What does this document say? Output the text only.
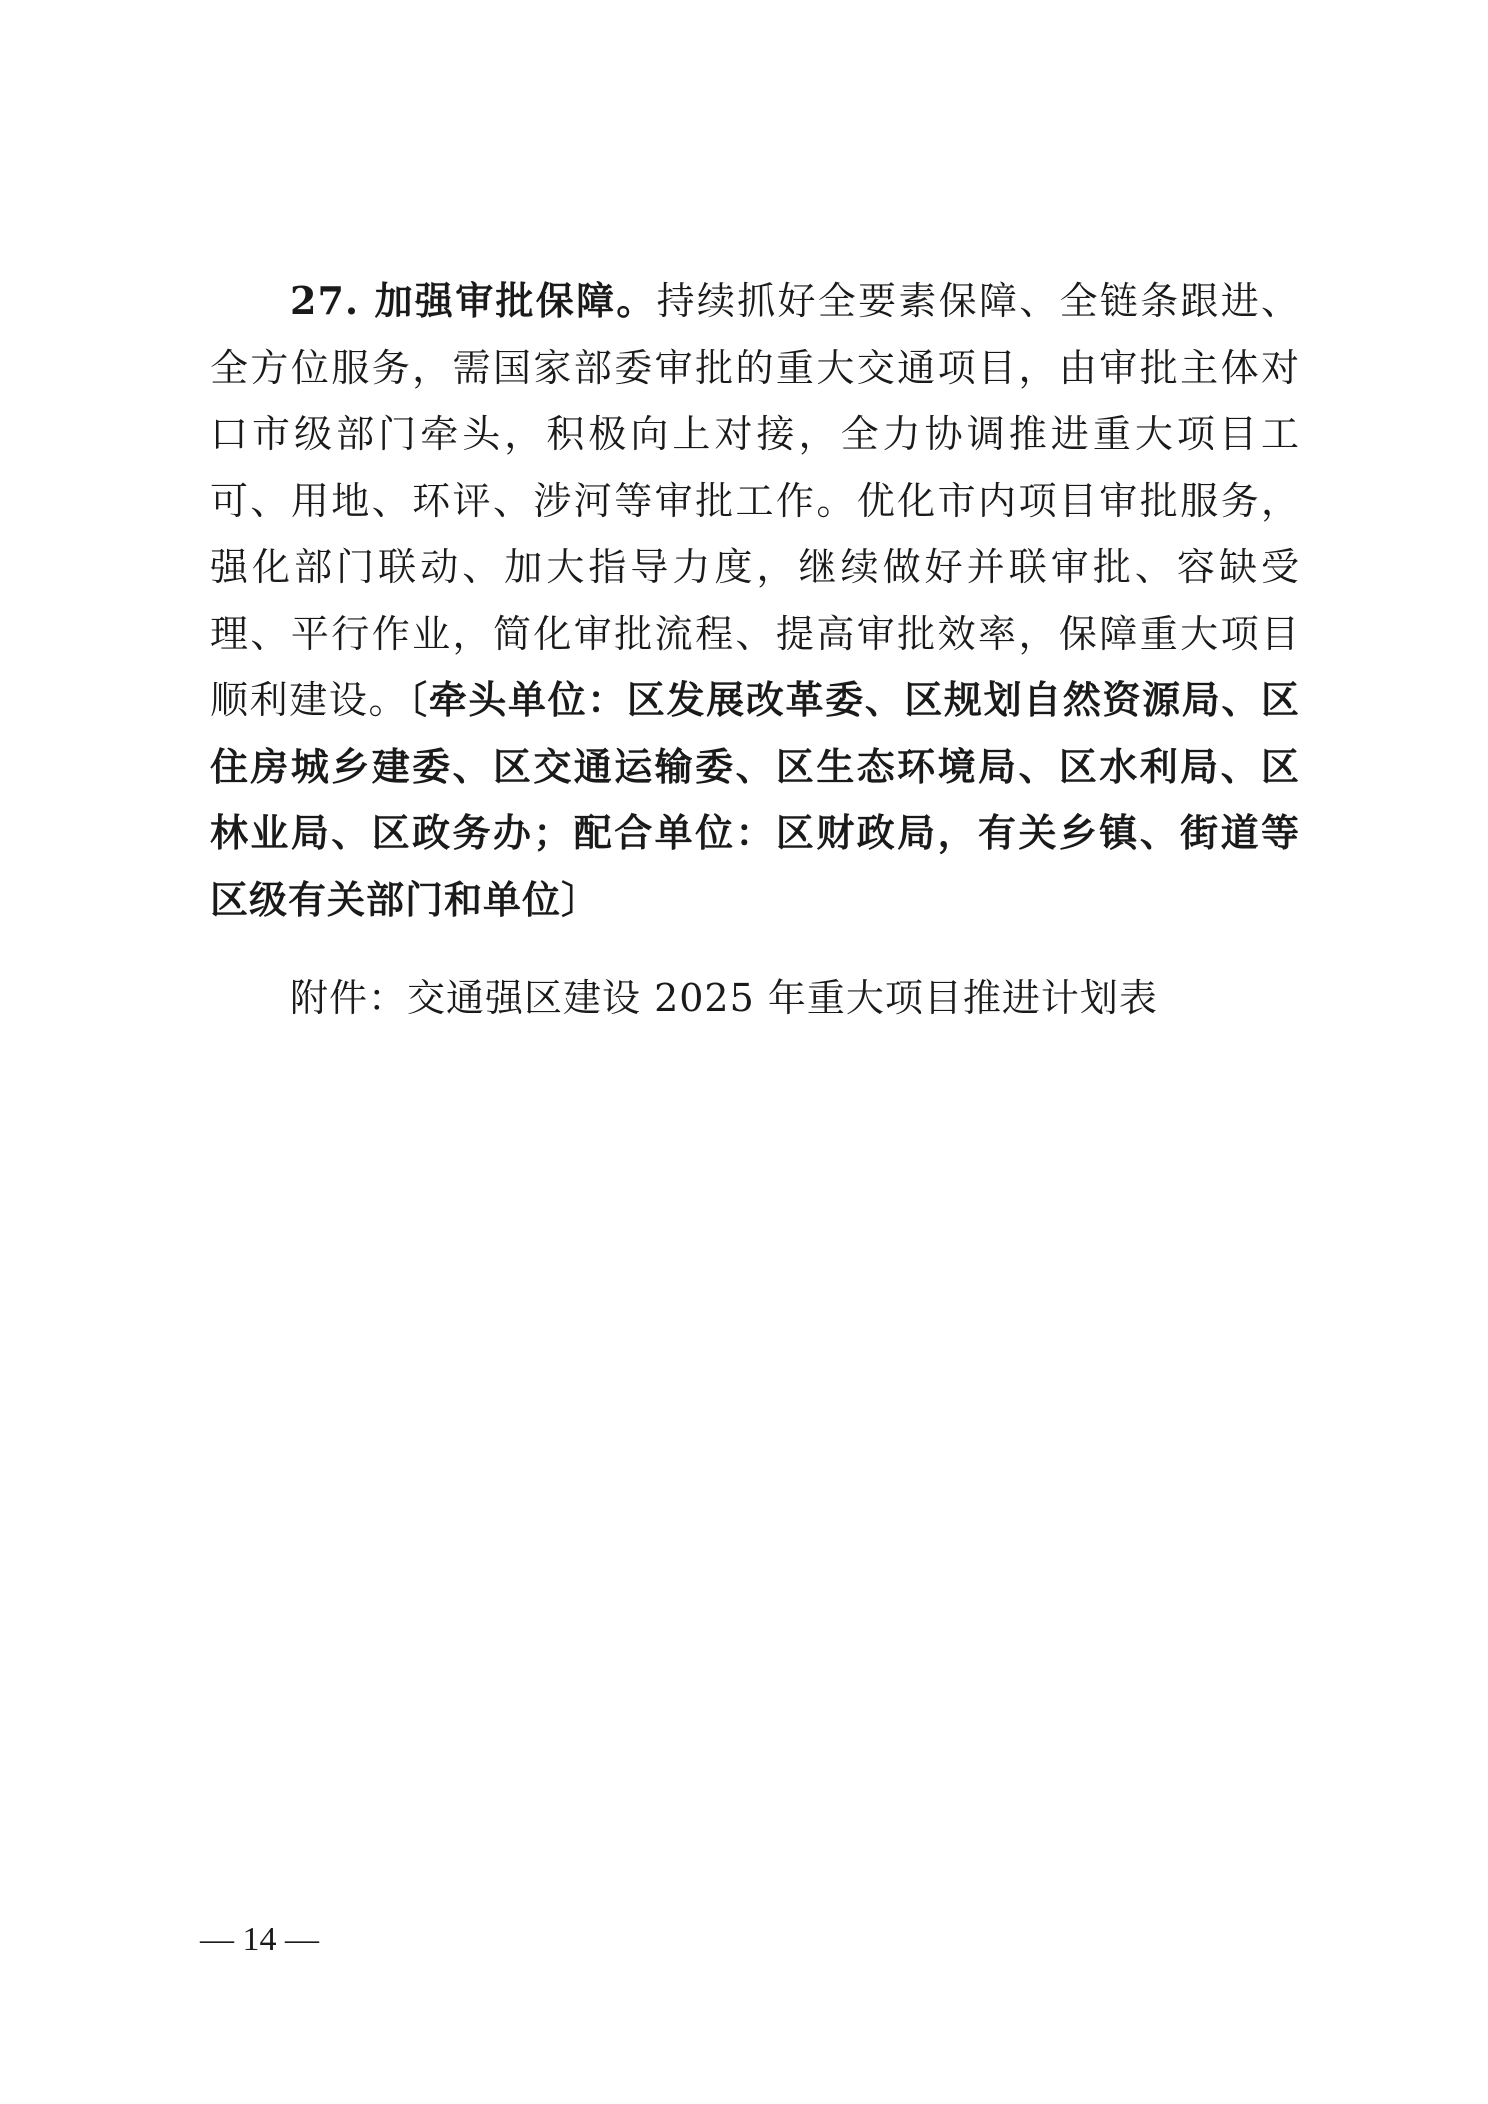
27. 加强审批保障。持续抓好全要素保障、全链条跟进、全方位服务，需国家部委审批的重大交通项目，由审批主体对口市级部门牵头，积极向上对接，全力协调推进重大项目工可、用地、环评、涉河等审批工作。优化市内项目审批服务，强化部门联动、加大指导力度，继续做好并联审批、容缺受理、平行作业，简化审批流程、提高审批效率，保障重大项目顺利建设。〔牵头单位：区发展改革委、区规划自然资源局、区住房城乡建委、区交通运输委、区生态环境局、区水利局、区林业局、区政务办；配合单位：区财政局，有关乡镇、街道等区级有关部门和单位〕

附件：交通强区建设 2025 年重大项目推进计划表

— 14 —
